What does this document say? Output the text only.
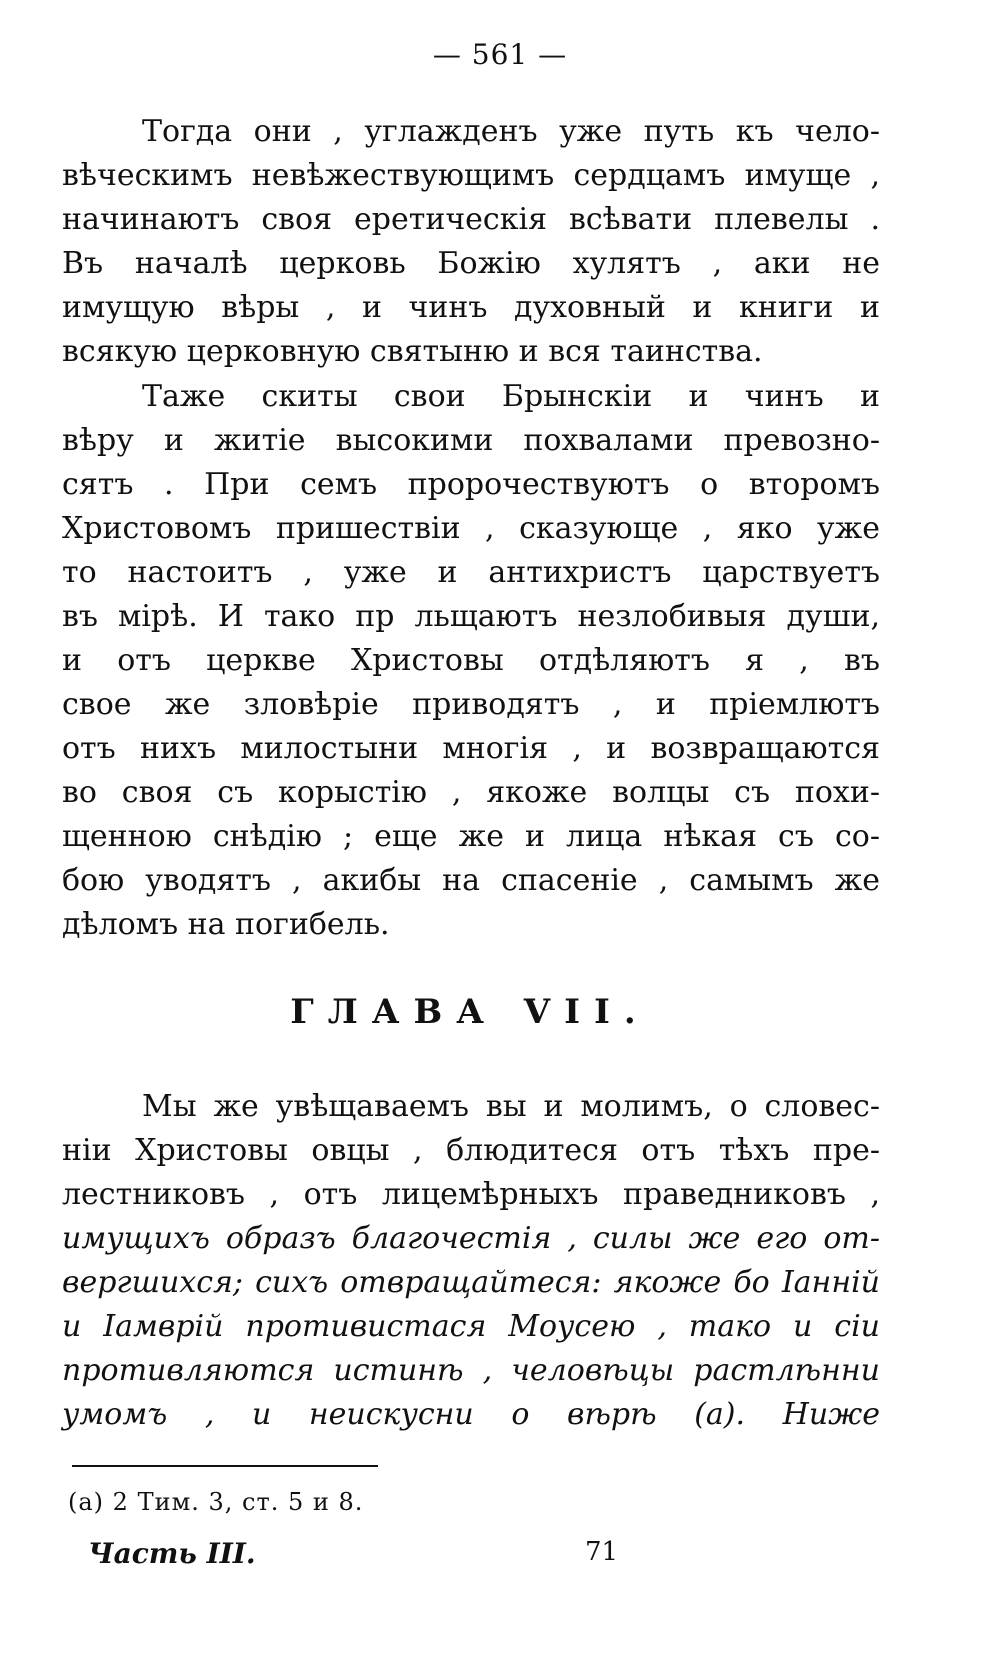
— 561 —
Тогда они , углажденъ уже путь къ чело-
вѣческимъ невѣжествующимъ сердцамъ имуще ,
начинаютъ своя еретическія всѣвати плевелы .
Въ началѣ церковь Божію хулятъ , аки не
имущую вѣры , и чинъ духовный и книги и
всякую церковную святыню и вся таинства.
Таже скиты свои Брынскіи и чинъ и
вѣру и житіе высокими похвалами превозно-
сятъ . При семъ пророчествуютъ о второмъ
Христовомъ пришествіи , сказующе , яко уже
то настоитъ , уже и антихристъ царствуетъ
въ мірѣ. И тако пр льщаютъ незлобивыя души,
и отъ церкве Христовы отдѣляютъ я , въ
свое же зловѣріе приводятъ , и пріемлютъ
отъ нихъ милостыни многія , и возвращаются
во своя съ корыстію , якоже волцы съ похи-
щенною снѣдію ; еще же и лица нѣкая съ со-
бою уводятъ , акибы на спасеніе , самымъ же
дѣломъ на погибель.
ГЛАВА VII.
Мы же увѣщаваемъ вы и молимъ, о словес-
ніи Христовы овцы , блюдитеся отъ тѣхъ пре-
лестниковъ , отъ лицемѣрныхъ праведниковъ ,
имущихъ образъ благочестія , силы же его от-
вергшихся; сихъ отвращайтеся: якоже бо Іанній
и Іамврій противистася Моусею , тако и сіи
противляются истинѣ , человѣцы растлѣнни
умомъ , и неискусни о вѣрѣ (а). Ниже
(а) 2 Тим. 3, ст. 5 и 8.
Часть III.	71
